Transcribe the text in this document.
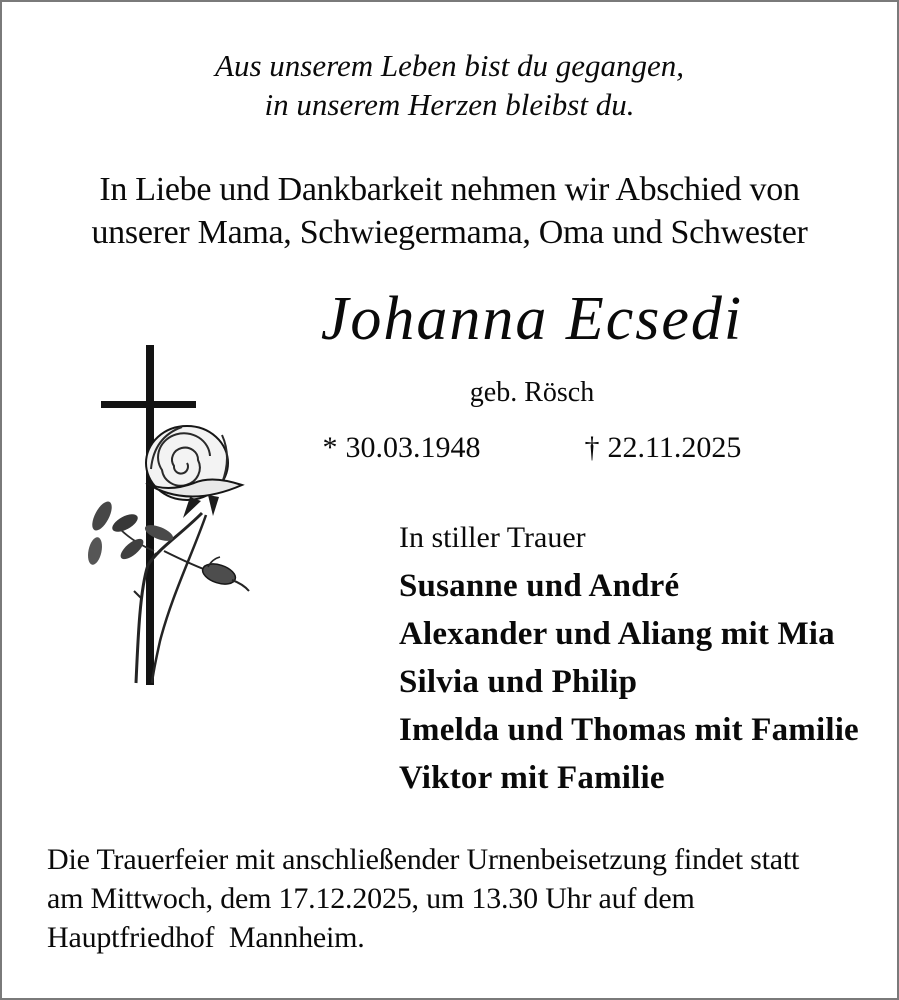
Aus unserem Leben bist du gegangen,
in unserem Herzen bleibst du.
In Liebe und Dankbarkeit nehmen wir Abschied von
unserer Mama, Schwiegermama, Oma und Schwester
Johanna Ecsedi
geb. Rösch
* 30.03.1948	† 22.11.2025
In stiller Trauer
Susanne und André
Alexander und Aliang mit Mia
Silvia und Philip
Imelda und Thomas mit Familie
Viktor mit Familie
Die Trauerfeier mit anschließender Urnenbeisetzung findet statt
am Mittwoch, dem 17.12.2025, um 13.30 Uhr auf dem
Hauptfriedhof  Mannheim.
